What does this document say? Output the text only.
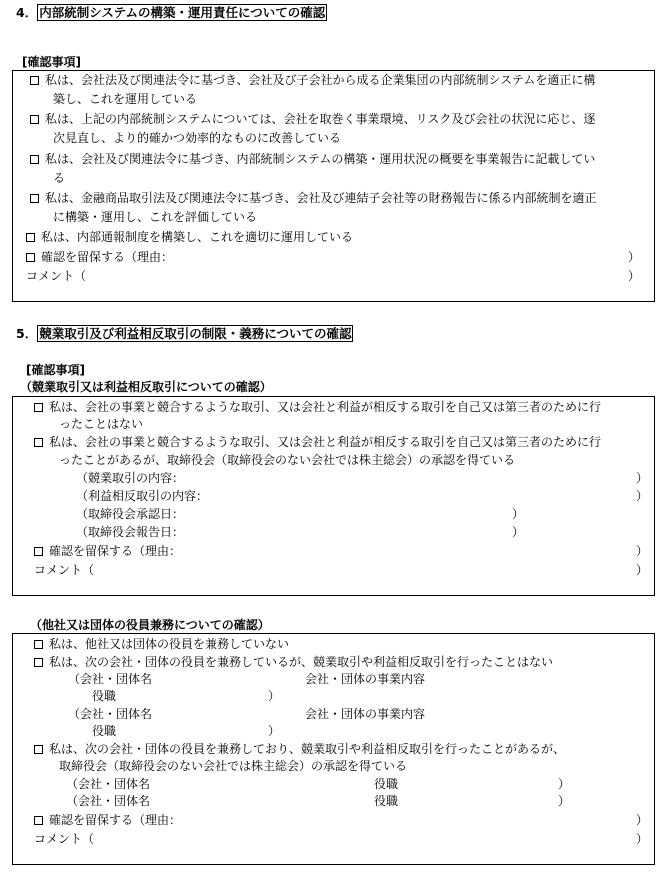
4． 内部統制システムの構築・運用責任についての確認
[確認事項]
私は、会社法及び関連法令に基づき、会社及び子会社から成る企業集団の内部統制システムを適正に構
築し、これを運用している
私は、上記の内部統制システムについては、会社を取巻く事業環境、リスク及び会社の状況に応じ、逐
次見直し、より的確かつ効率的なものに改善している
私は、会社及び関連法令に基づき、内部統制システムの構築・運用状況の概要を事業報告に記載してい
る
私は、金融商品取引法及び関連法令に基づき、会社及び連結子会社等の財務報告に係る内部統制を適正
に構築・運用し、これを評価している
私は、内部通報制度を構築し、これを適切に運用している
確認を留保する（理由：	）
コメント（	）
5． 競業取引及び利益相反取引の制限・義務についての確認
[確認事項]
（競業取引又は利益相反取引についての確認）
私は、会社の事業と競合するような取引、又は会社と利益が相反する取引を自己又は第三者のために行
ったことはない
私は、会社の事業と競合するような取引、又は会社と利益が相反する取引を自己又は第三者のために行
ったことがあるが、取締役会（取締役会のない会社では株主総会）の承認を得ている
（競業取引の内容：	）
（利益相反取引の内容：	）
（取締役会承認日：	）
（取締役会報告日：	）
確認を留保する（理由：	）
コメント（	）
（他社又は団体の役員兼務についての確認）
私は、他社又は団体の役員を兼務していない
私は、次の会社・団体の役員を兼務しているが、競業取引や利益相反取引を行ったことはない
（会社・団体名	会社・団体の事業内容
役職	）
（会社・団体名	会社・団体の事業内容
役職	）
私は、次の会社・団体の役員を兼務しており、競業取引や利益相反取引を行ったことがあるが、
取締役会（取締役会のない会社では株主総会）の承認を得ている
（会社・団体名	役職	）
（会社・団体名	役職	）
確認を留保する（理由：	）
コメント（	）
